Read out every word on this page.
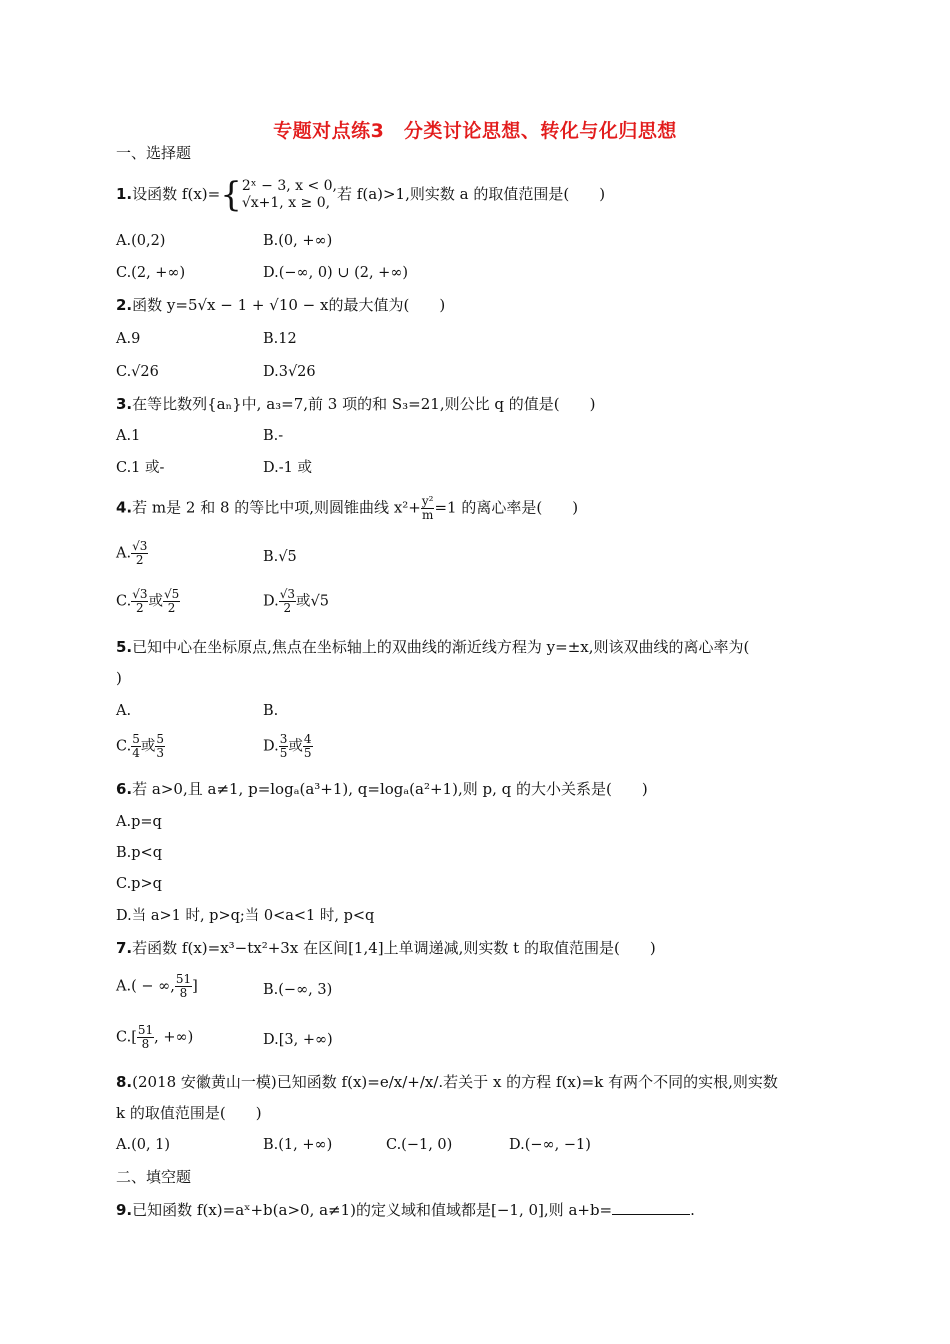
专题对点练3　分类讨论思想、转化与化归思想
一、选择题
1.设函数 f(x)={ 2ˣ − 3, x < 0,
√x+1, x ≥ 0, 若 f(a)>1,则实数 a 的取值范围是(　　)
A.(0,2)	B.(0, +∞)
C.(2, +∞)	D.(−∞, 0) ∪ (2, +∞)
2.函数 y=5√x − 1 + √10 − x的最大值为(　　)
A.9	B.12
C.√26	D.3√26
3.在等比数列{aₙ}中, a₃=7,前 3 项的和 S₃=21,则公比 q 的值是(　　)
A.1	B.-
C.1 或-	D.-1 或
4.若 m是 2 和 8 的等比中项,则圆锥曲线 $x^2+ \frac{\text{y²}}{m} =1$ 的离心率是(　　)
A. $\frac{√3}{2}$	B.√5
C. $\frac{√3}{2}$ 或 $\frac{√5}{2}$	D. $\frac{√3}{2}$ 或√5
5.已知中心在坐标原点,焦点在坐标轴上的双曲线的渐近线方程为 y=±x,则该双曲线的离心率为(
)
A.	B.
C. $\frac{5}{4}$ 或 $\frac{5}{3}$	D. $\frac{3}{5}$ 或 $\frac{4}{5}$
6.若 a>0,且 a≠1, p=logₐ(a³+1), q=logₐ(a²+1),则 p, q 的大小关系是(　　)
A.p=q
B.p<q
C.p>q
D.当 a>1 时, p>q;当 0<a<1 时, p<q
7.若函数 f(x)=x³−tx²+3x 在区间[1,4]上单调递减,则实数 t 的取值范围是(　　)
A.( − ∞, $\frac{51}{8}$ ]	B.(−∞, 3)
$C.[ \frac{51}{8}$ , +∞)	D.[3, +∞)
8.(2018 安徽黄山一模)已知函数 f(x)=e/x/+/x/.若关于 x 的方程 f(x)=k 有两个不同的实根,则实数
k 的取值范围是(　　)
A.(0, 1)	B.(1, +∞)	C.(−1, 0)	D.(−∞, −1)
二、填空题
9.已知函数 f(x)=aˣ+b(a>0, a≠1)的定义域和值域都是[−1, 0],则 a+b=	.
